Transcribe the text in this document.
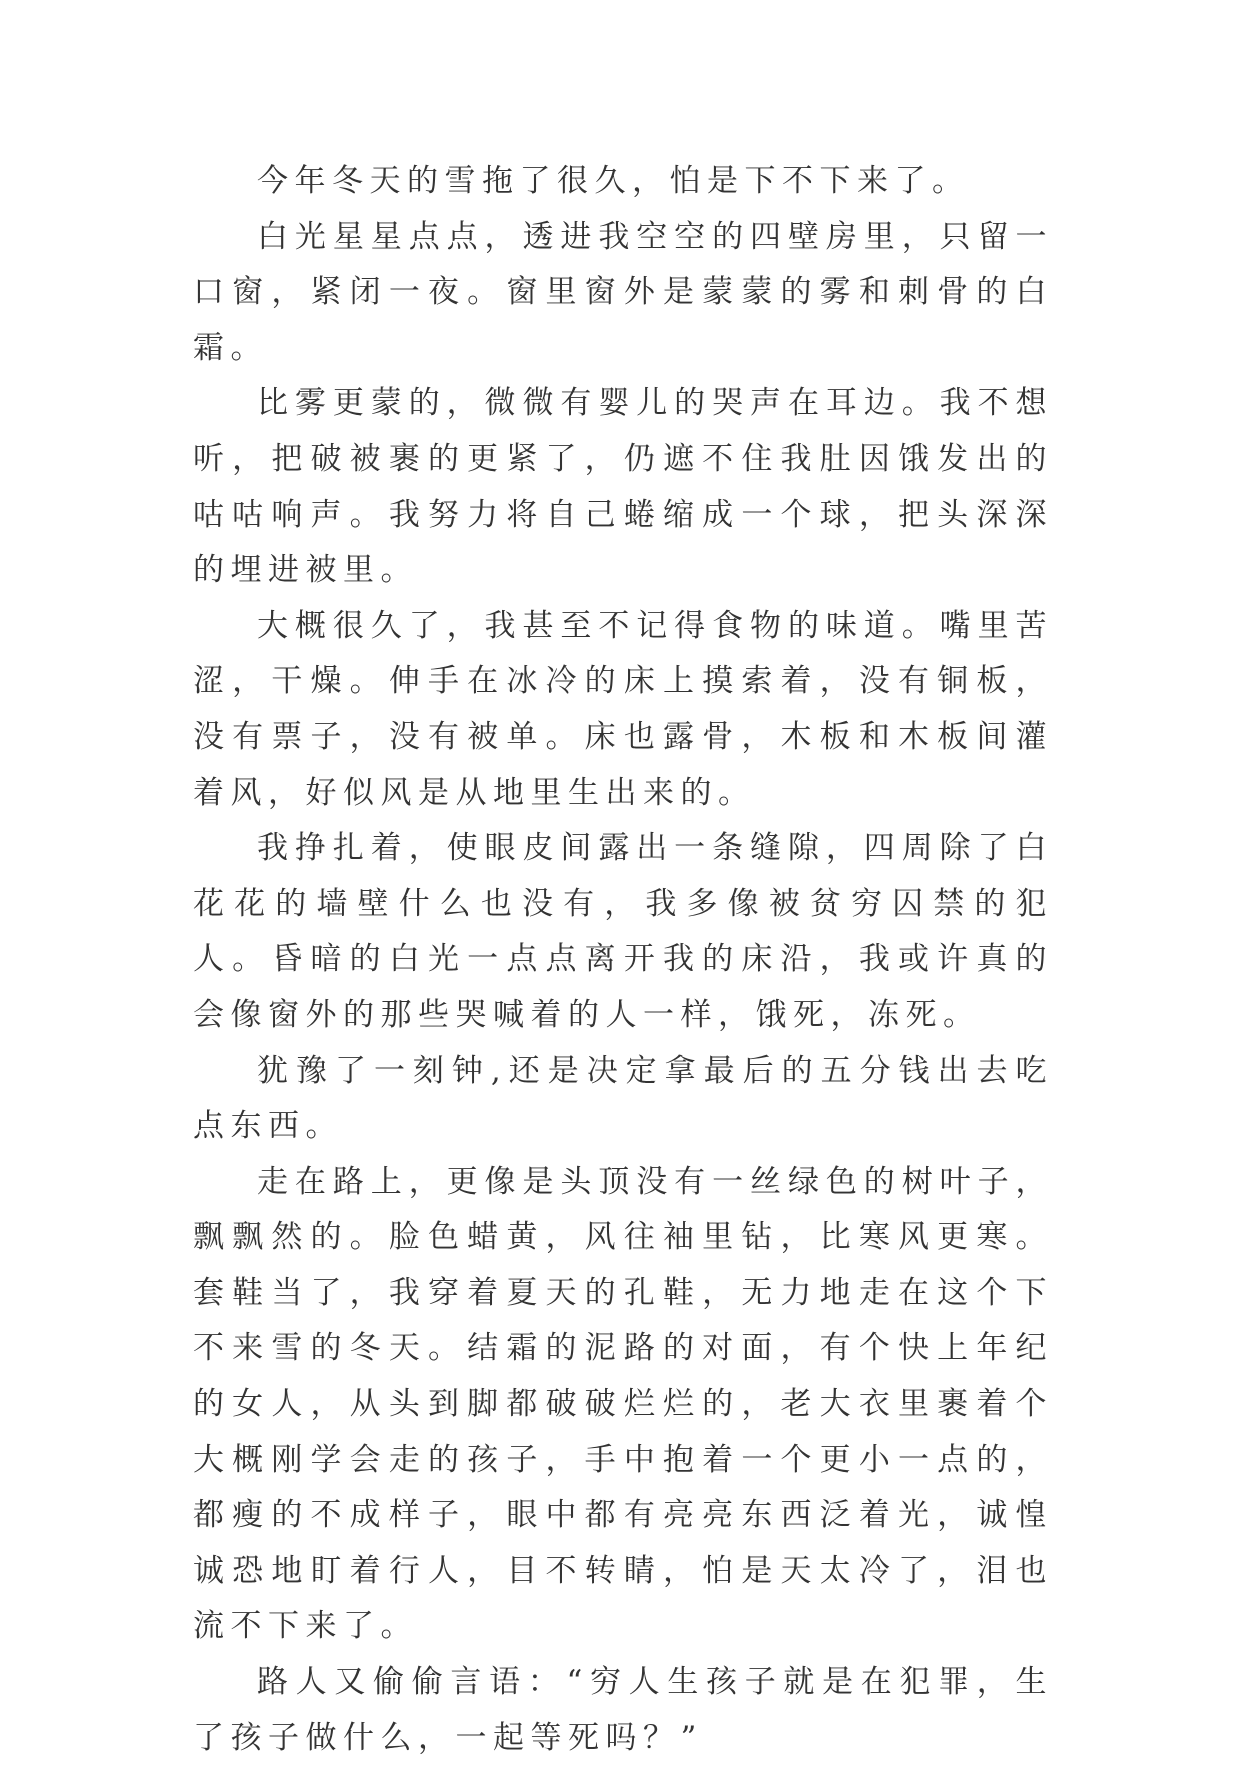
今年冬天的雪拖了很久，怕是下不下来了。

白光星星点点，透进我空空的四壁房里，只留一口窗，紧闭一夜。窗里窗外是蒙蒙的雾和刺骨的白霜。

比雾更蒙的，微微有婴儿的哭声在耳边。我不想听，把破被裹的更紧了，仍遮不住我肚因饿发出的咕咕响声。我努力将自己蜷缩成一个球，把头深深的埋进被里。

大概很久了，我甚至不记得食物的味道。嘴里苦涩，干燥。伸手在冰冷的床上摸索着，没有铜板，没有票子，没有被单。床也露骨，木板和木板间灌着风，好似风是从地里生出来的。

我挣扎着，使眼皮间露出一条缝隙，四周除了白花花的墙壁什么也没有，我多像被贫穷囚禁的犯人。昏暗的白光一点点离开我的床沿，我或许真的会像窗外的那些哭喊着的人一样，饿死，冻死。

犹豫了一刻钟,还是决定拿最后的五分钱出去吃点东西。

走在路上，更像是头顶没有一丝绿色的树叶子，飘飘然的。脸色蜡黄，风往袖里钻，比寒风更寒。套鞋当了，我穿着夏天的孔鞋，无力地走在这个下不来雪的冬天。结霜的泥路的对面，有个快上年纪的女人，从头到脚都破破烂烂的，老大衣里裹着个大概刚学会走的孩子，手中抱着一个更小一点的，都瘦的不成样子，眼中都有亮亮东西泛着光，诚惶诚恐地盯着行人，目不转睛，怕是天太冷了，泪也流不下来了。

路人又偷偷言语：“穷人生孩子就是在犯罪，生了孩子做什么，一起等死吗？”
